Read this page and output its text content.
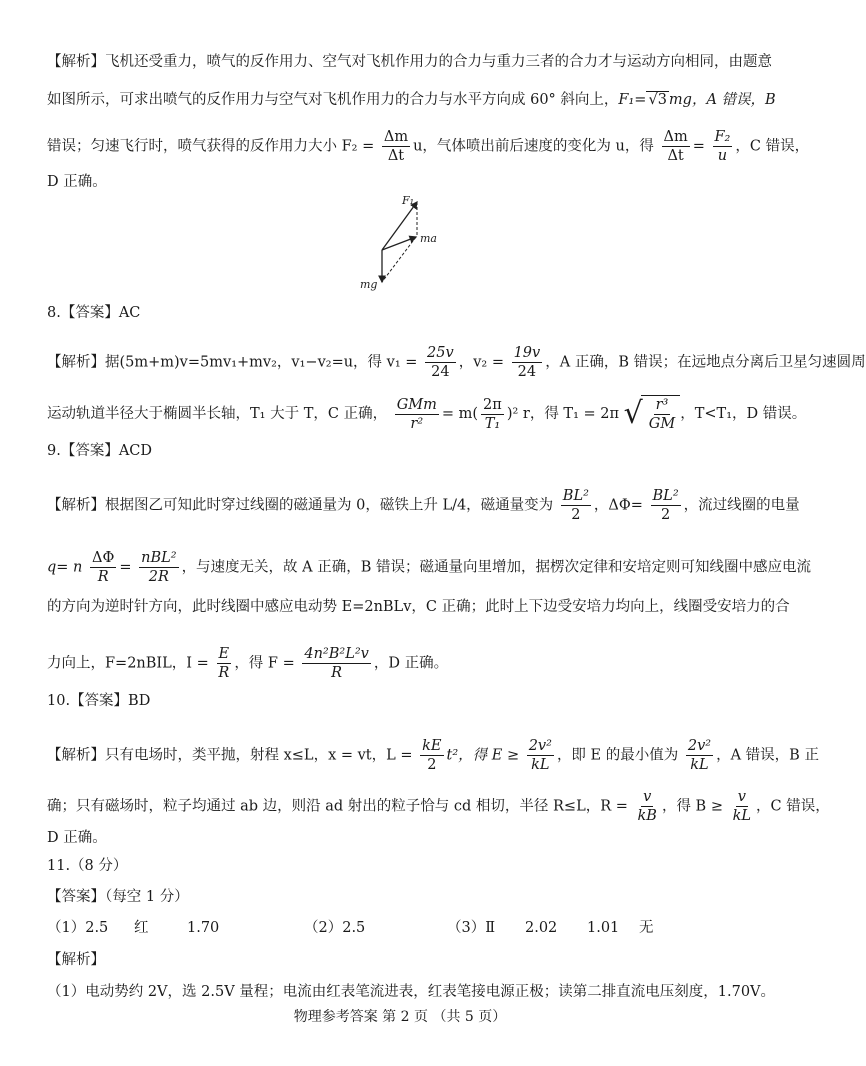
【解析】飞机还受重力，喷气的反作用力、空气对飞机作用力的合力与重力三者的合力才与运动方向相同，由题意
如图所示，可求出喷气的反作用力与空气对飞机作用力的合力与水平方向成 60° 斜向上，F₁= √3 mg，A 错误，B
错误；匀速飞行时，喷气获得的反作用力大小 $F_2 = \frac{\Delta m}{\Delta t}$ u，气体喷出前后速度的变化为 u，得 $\frac{\Delta m}{\Delta t} = \frac{\text{F₂}}{u}$ ，C 错误，
D 正确。
F₁
ma
mg
8.【答案】AC
【解析】据(5m+m)v=5mv₁+mv₂，v₁−v₂=u，得 $v_1 = \frac{25v}{24}$ ，$v_2 = \frac{19v}{24}$ ，A 正确，B 错误；在远地点分离后卫星匀速圆周
运动轨道半径大于椭圆半长轴，T₁ 大于 T，C 正确， $\frac{\text{GMm}}{\text{r²}} = m( \frac{2\pi}{\text{T₁}} )^2$ r，得 T₁ = 2π √ $\frac{\text{r³}}{GM}$ ，T<T₁，D 错误。
9.【答案】ACD
【解析】根据图乙可知此时穿过线圈的磁通量为 0，磁铁上升 L/4，磁通量变为 $\frac{\text{BL²}}{2}$ ，$\Delta\Phi= \frac{\text{BL²}}{2}$ ，流过线圈的电量
q= n $\frac{\Delta\Phi}{R} = \frac{\text{nBL²}}{2R}$ ，与速度无关，故 A 正确，B 错误；磁通量向里增加，据楞次定律和安培定则可知线圈中感应电流
的方向为逆时针方向，此时线圈中感应电动势 E=2nBLv，C 正确；此时上下边受安培力均向上，线圈受安培力的合
力向上，F=2nBIL，$I = \frac{E}{R}$ ，得 $F = \frac{\text{4n²B²L²v}}{R}$ ，D 正确。
10.【答案】BD
【解析】只有电场时，类平抛，射程 x≤L，x = vt，$L = \frac{kE}{2} t^2$，得 $E \ge \frac{\text{2v²}}{kL}$ ，即 E 的最小值为 $\frac{\text{2v²}}{kL}$ ，A 错误，B 正
确；只有磁场时，粒子均通过 ab 边，则沿 ad 射出的粒子恰与 cd 相切，半径 R≤L，$R = \frac{v}{kB}$ ，得 $B \ge \frac{v}{kL}$ ，C 错误，
D 正确。
11.（8 分）
【答案】（每空 1 分）
（1）2.5 红	1.70	（2）2.5	（3）Ⅱ 2.02 1.01 无
【解析】
（1）电动势约 2V，选 2.5V 量程；电流由红表笔流进表，红表笔接电源正极；读第二排直流电压刻度，1.70V。
物理参考答案 第 2 页 （共 5 页）
